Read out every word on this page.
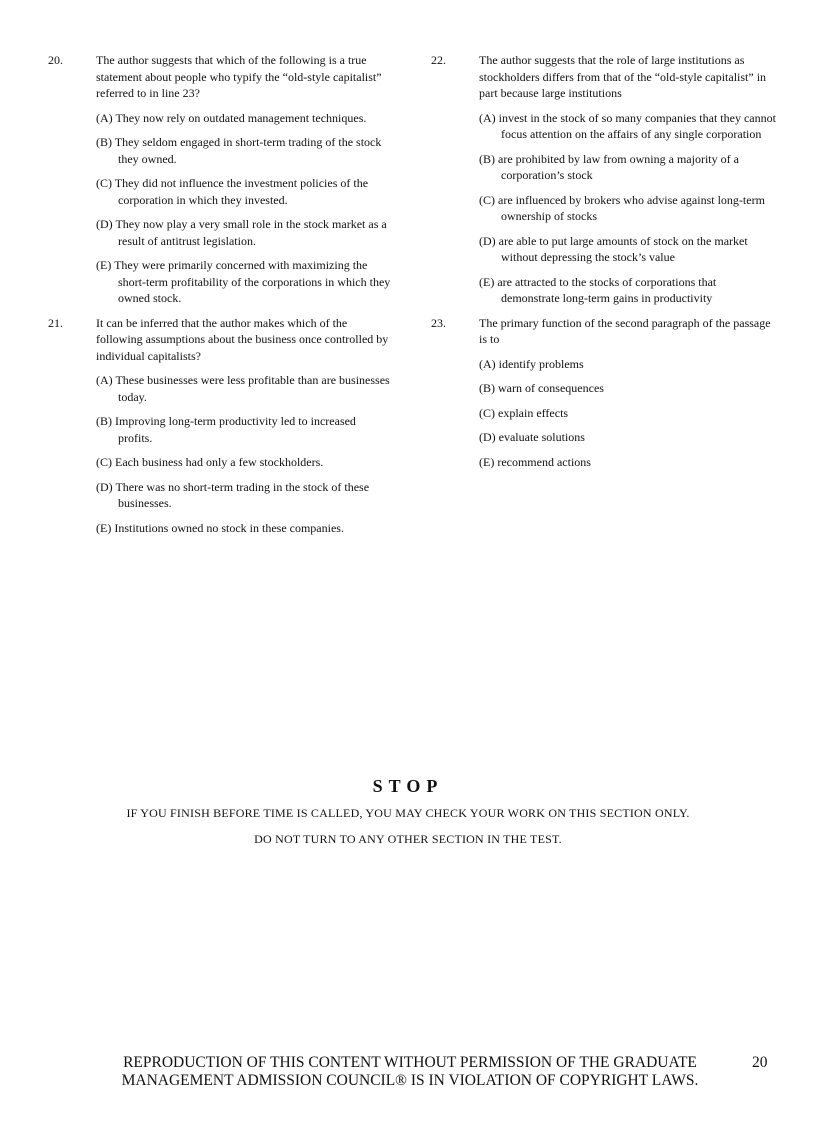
20.	The author suggests that which of the following is a true statement about people who typify the “old-style capitalist” referred to in line 23?
(A) They now rely on outdated management techniques.
(B) They seldom engaged in short-term trading of the stock they owned.
(C) They did not influence the investment policies of the corporation in which they invested.
(D) They now play a very small role in the stock market as a result of antitrust legislation.
(E) They were primarily concerned with maximizing the short-term profitability of the corporations in which they owned stock.
21.	It can be inferred that the author makes which of the following assumptions about the business once controlled by individual capitalists?
(A) These businesses were less profitable than are businesses today.
(B) Improving long-term productivity led to increased profits.
(C) Each business had only a few stockholders.
(D) There was no short-term trading in the stock of these businesses.
(E) Institutions owned no stock in these companies.
22.	The author suggests that the role of large institutions as stockholders differs from that of the “old-style capitalist” in part because large institutions
(A) invest in the stock of so many companies that they cannot focus attention on the affairs of any single corporation
(B) are prohibited by law from owning a majority of a corporation’s stock
(C) are influenced by brokers who advise against long-term ownership of stocks
(D) are able to put large amounts of stock on the market without depressing the stock’s value
(E) are attracted to the stocks of corporations that demonstrate long-term gains in productivity
23.	The primary function of the second paragraph of the passage is to
(A) identify problems
(B) warn of consequences
(C) explain effects
(D) evaluate solutions
(E) recommend actions
STOP
IF YOU FINISH BEFORE TIME IS CALLED, YOU MAY CHECK YOUR WORK ON THIS SECTION ONLY.
DO NOT TURN TO ANY OTHER SECTION IN THE TEST.
REPRODUCTION OF THIS CONTENT WITHOUT PERMISSION OF THE GRADUATE
MANAGEMENT ADMISSION COUNCIL® IS IN VIOLATION OF COPYRIGHT LAWS.
20
